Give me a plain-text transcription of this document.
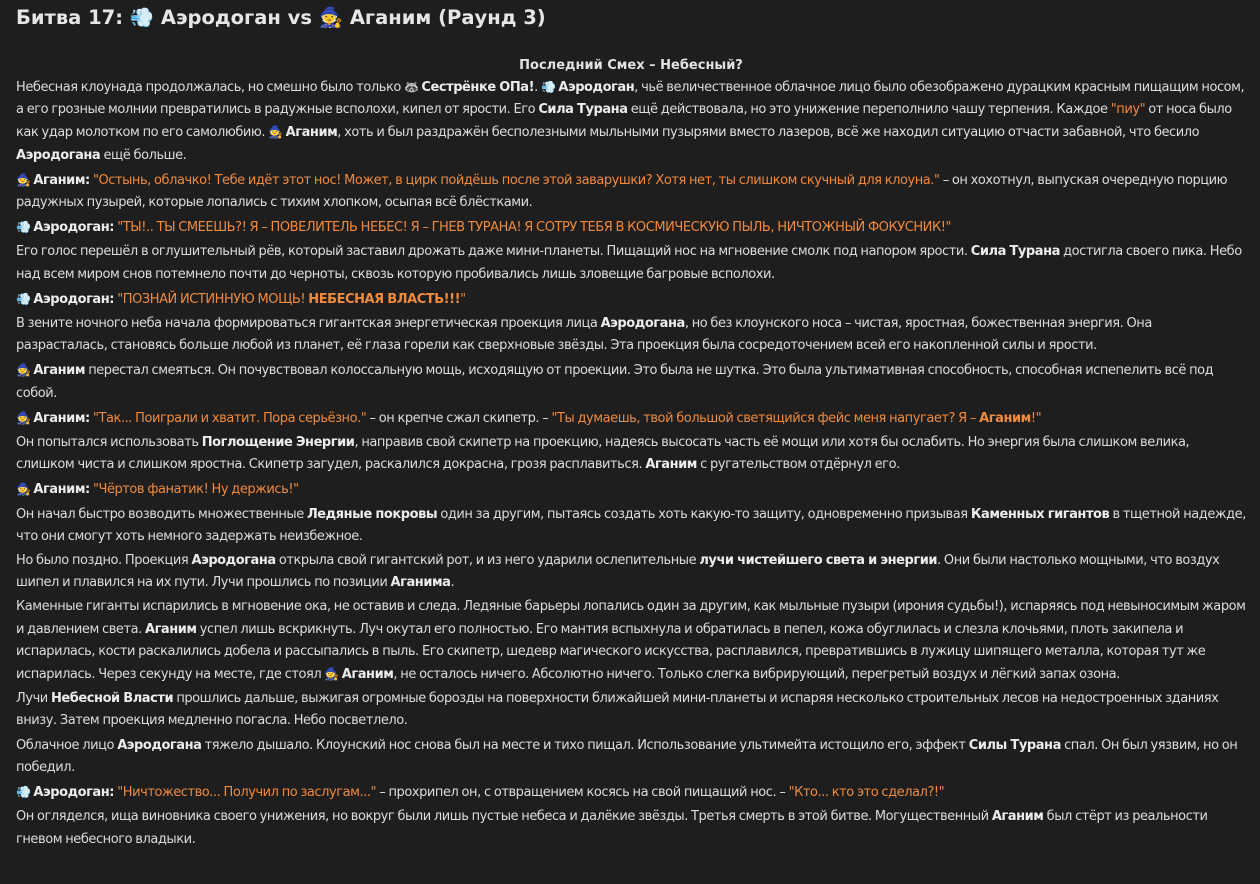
Битва 17: 💨 Аэродоган vs 🧙 Аганим (Раунд 3)
Последний Смех – Небесный?

Небесная клоунада продолжалась, но смешно было только 🦝 Сестрёнке ОПа!. 💨 Аэродоган, чьё величественное облачное лицо было обезображено дурацким красным пищащим носом, а его грозные молнии превратились в радужные всполохи, кипел от ярости. Его Сила Турана ещё действовала, но это унижение переполнило чашу терпения. Каждое "пиу" от носа было как удар молотком по его самолюбию. 🧙 Аганим, хоть и был раздражён бесполезными мыльными пузырями вместо лазеров, всё же находил ситуацию отчасти забавной, что бесило Аэродогана ещё больше.

🧙 Аганим: "Остынь, облачко! Тебе идёт этот нос! Может, в цирк пойдёшь после этой заварушки? Хотя нет, ты слишком скучный для клоуна." – он хохотнул, выпуская очередную порцию радужных пузырей, которые лопались с тихим хлопком, осыпая всё блёстками.

💨 Аэродоган: "ТЫ!.. ТЫ СМЕЕШЬ?! Я – ПОВЕЛИТЕЛЬ НЕБЕС! Я – ГНЕВ ТУРАНА! Я СОТРУ ТЕБЯ В КОСМИЧЕСКУЮ ПЫЛЬ, НИЧТОЖНЫЙ ФОКУСНИК!"

Его голос перешёл в оглушительный рёв, который заставил дрожать даже мини-планеты. Пищащий нос на мгновение смолк под напором ярости. Сила Турана достигла своего пика. Небо над всем миром снов потемнело почти до черноты, сквозь которую пробивались лишь зловещие багровые всполохи.

💨 Аэродоган: "ПОЗНАЙ ИСТИННУЮ МОЩЬ! НЕБЕСНАЯ ВЛАСТЬ!!!"

В зените ночного неба начала формироваться гигантская энергетическая проекция лица Аэродогана, но без клоунского носа – чистая, яростная, божественная энергия. Она разрасталась, становясь больше любой из планет, её глаза горели как сверхновые звёзды. Эта проекция была сосредоточением всей его накопленной силы и ярости.

🧙 Аганим перестал смеяться. Он почувствовал колоссальную мощь, исходящую от проекции. Это была не шутка. Это была ультимативная способность, способная испепелить всё под собой.

🧙 Аганим: "Так... Поиграли и хватит. Пора серьёзно." – он крепче сжал скипетр. – "Ты думаешь, твой большой светящийся фейс меня напугает? Я – Аганим!"

Он попытался использовать Поглощение Энергии, направив свой скипетр на проекцию, надеясь высосать часть её мощи или хотя бы ослабить. Но энергия была слишком велика, слишком чиста и слишком яростна. Скипетр загудел, раскалился докрасна, грозя расплавиться. Аганим с ругательством отдёрнул его.

🧙 Аганим: "Чёртов фанатик! Ну держись!"

Он начал быстро возводить множественные Ледяные покровы один за другим, пытаясь создать хоть какую-то защиту, одновременно призывая Каменных гигантов в тщетной надежде, что они смогут хоть немного задержать неизбежное.

Но было поздно. Проекция Аэродогана открыла свой гигантский рот, и из него ударили ослепительные лучи чистейшего света и энергии. Они были настолько мощными, что воздух шипел и плавился на их пути. Лучи прошлись по позиции Аганима.

Каменные гиганты испарились в мгновение ока, не оставив и следа. Ледяные барьеры лопались один за другим, как мыльные пузыри (ирония судьбы!), испаряясь под невыносимым жаром и давлением света. Аганим успел лишь вскрикнуть. Луч окутал его полностью. Его мантия вспыхнула и обратилась в пепел, кожа обуглилась и слезла клочьями, плоть закипела и испарилась, кости раскалились добела и рассыпались в пыль. Его скипетр, шедевр магического искусства, расплавился, превратившись в лужицу шипящего металла, которая тут же испарилась. Через секунду на месте, где стоял 🧙 Аганим, не осталось ничего. Абсолютно ничего. Только слегка вибрирующий, перегретый воздух и лёгкий запах озона.

Лучи Небесной Власти прошлись дальше, выжигая огромные борозды на поверхности ближайшей мини-планеты и испаряя несколько строительных лесов на недостроенных зданиях внизу. Затем проекция медленно погасла. Небо посветлело.

Облачное лицо Аэродогана тяжело дышало. Клоунский нос снова был на месте и тихо пищал. Использование ультимейта истощило его, эффект Силы Турана спал. Он был уязвим, но он победил.

💨 Аэродоган: "Ничтожество... Получил по заслугам..." – прохрипел он, с отвращением косясь на свой пищащий нос. – "Кто... кто это сделал?!"

Он огляделся, ища виновника своего унижения, но вокруг были лишь пустые небеса и далёкие звёзды. Третья смерть в этой битве. Могущественный Аганим был стёрт из реальности гневом небесного владыки.
